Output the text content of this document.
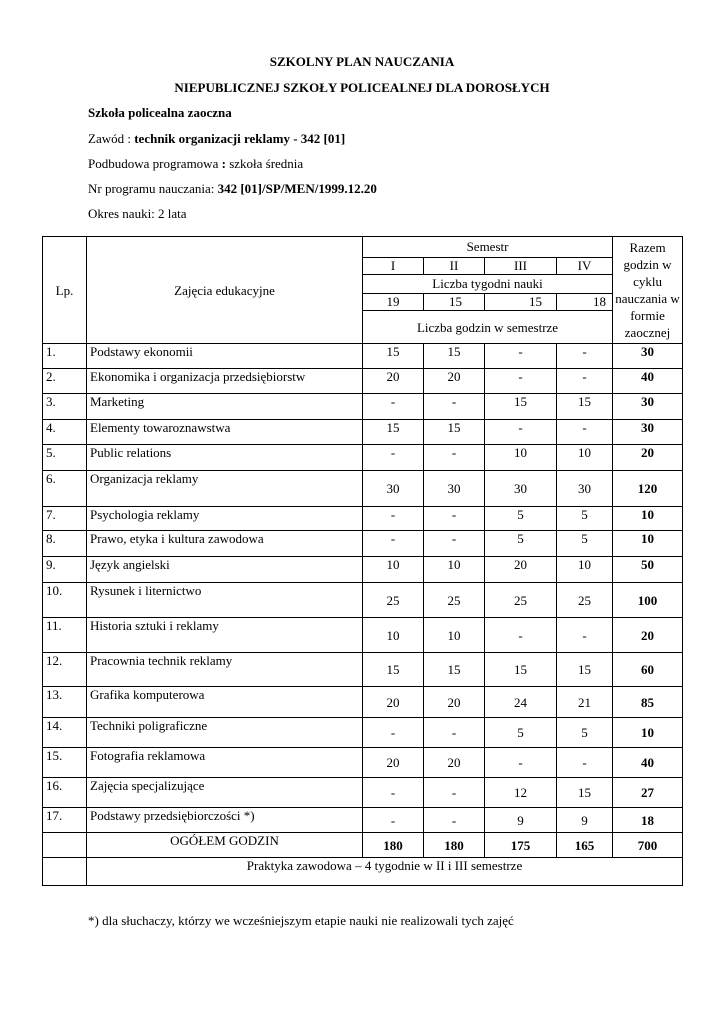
SZKOLNY PLAN NAUCZANIA
NIEPUBLICZNEJ SZKOŁY POLICEALNEJ DLA DOROSŁYCH
Szkoła policealna zaoczna
Zawód : technik organizacji reklamy - 342 [01]
Podbudowa programowa : szkoła średnia
Nr programu nauczania: 342 [01]/SP/MEN/1999.12.20
Okres nauki: 2 lata
Lp.	Zajęcia edukacyjne	Semestr				Razem godzin w cyklu nauczania w formie zaocznej
		I	II	III	IV	
		Liczba tygodni nauki				
		19	15	15	18	
		Liczba godzin w semestrze				
1.	Podstawy ekonomii	15	15	-	-	30
2.	Ekonomika i organizacja przedsiębiorstw	20	20	-	-	40
3.	Marketing	-	-	15	15	30
4.	Elementy towaroznawstwa	15	15	-	-	30
5.	Public relations	-	-	10	10	20
6.	Organizacja reklamy	30	30	30	30	120
7.	Psychologia reklamy	-	-	5	5	10
8.	Prawo, etyka i kultura zawodowa	-	-	5	5	10
9.	Język angielski	10	10	20	10	50
10.	Rysunek i liternictwo	25	25	25	25	100
11.	Historia sztuki i reklamy	10	10	-	-	20
12.	Pracownia technik reklamy	15	15	15	15	60
13.	Grafika komputerowa	20	20	24	21	85
14.	Techniki poligraficzne	-	-	5	5	10
15.	Fotografia reklamowa	20	20	-	-	40
16.	Zajęcia specjalizujące	-	-	12	15	27
17.	Podstawy przedsiębiorczości *)	-	-	9	9	18
	OGÓŁEM GODZIN	180	180	175	165	700
	Praktyka zawodowa – 4 tygodnie w II i III semestrze					
*) dla słuchaczy, którzy we wcześniejszym etapie nauki nie realizowali tych zajęć
